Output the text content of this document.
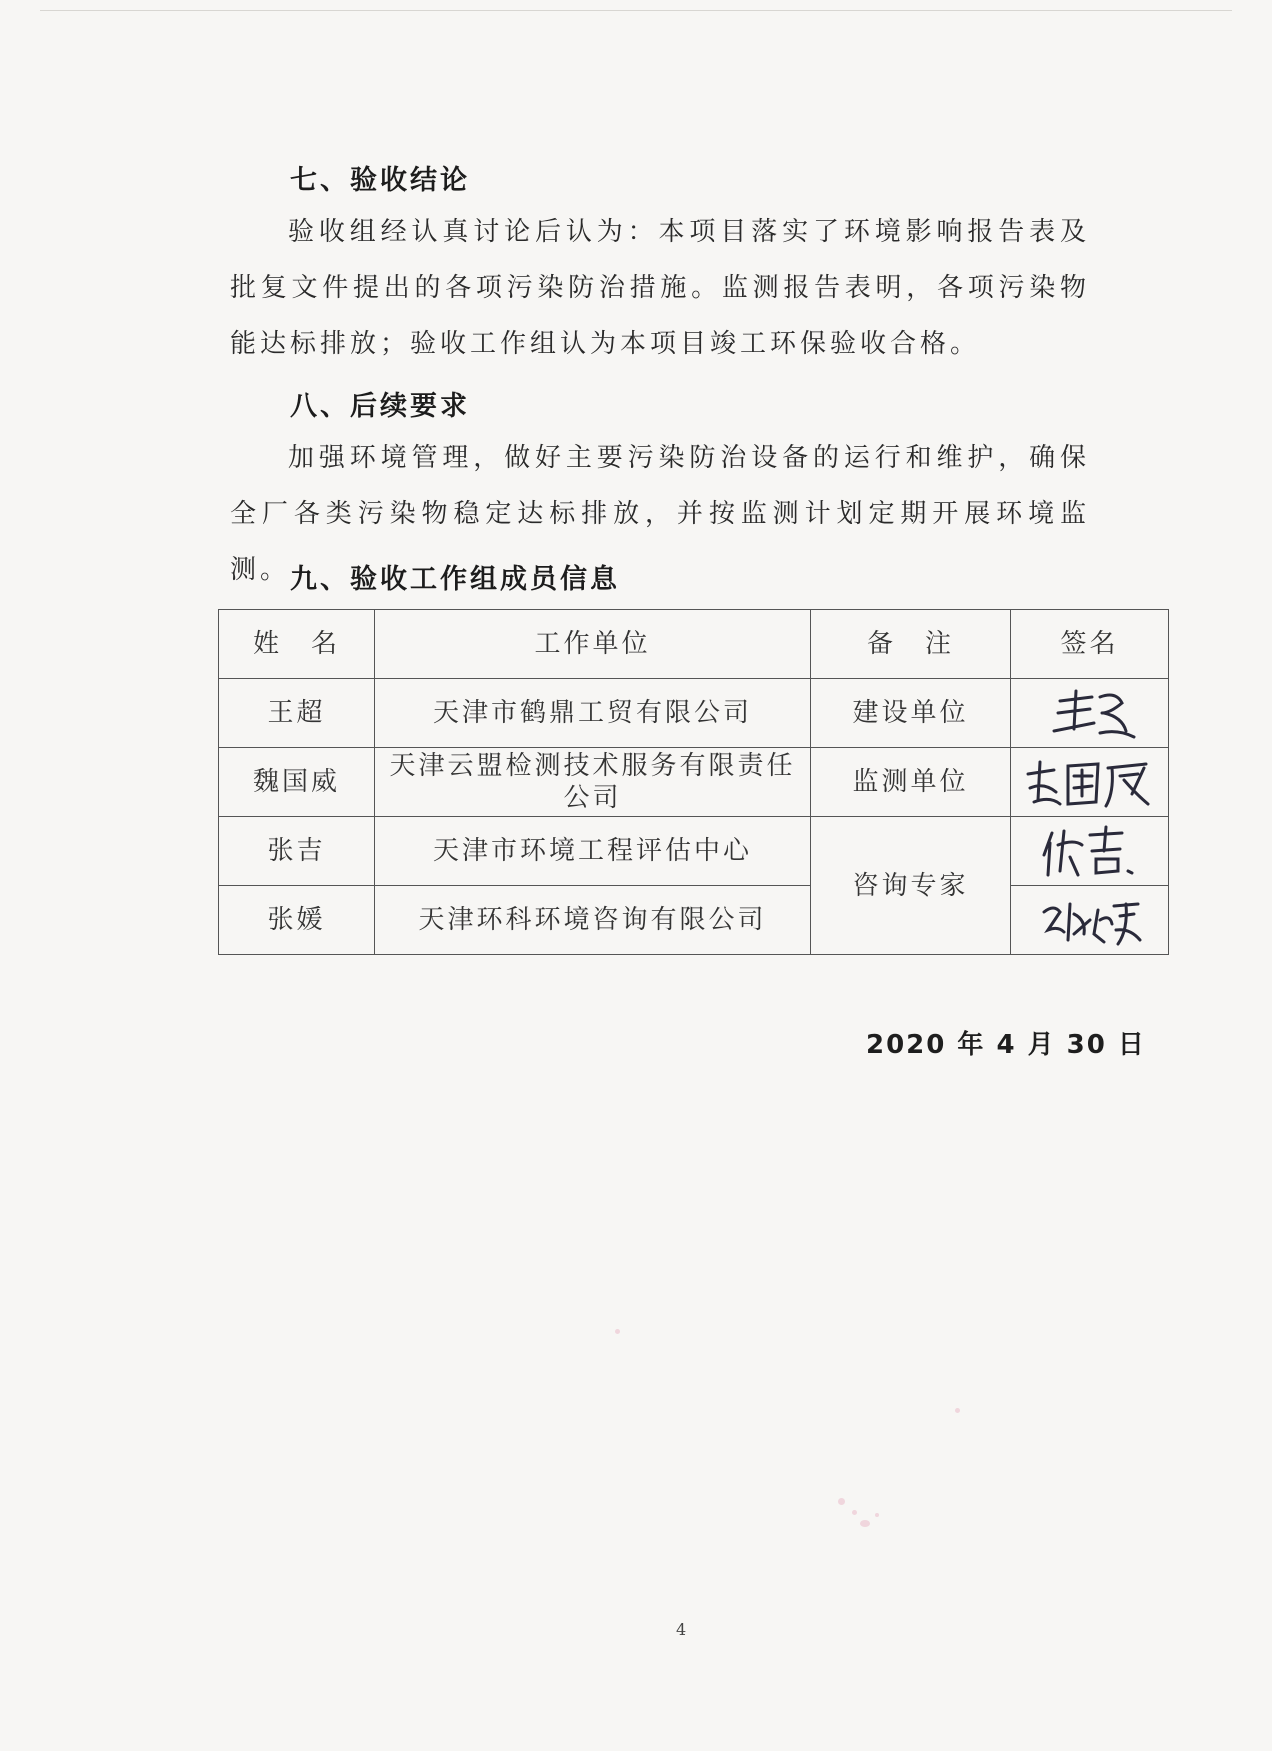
七、验收结论

验收组经认真讨论后认为：本项目落实了环境影响报告表及批复文件提出的各项污染防治措施。监测报告表明，各项污染物能达标排放；验收工作组认为本项目竣工环保验收合格。

八、后续要求

加强环境管理，做好主要污染防治设备的运行和维护，确保全厂各类污染物稳定达标排放，并按监测计划定期开展环境监测。 九、验收工作组成员信息
姓　名	工作单位	备　注	签名
王超	天津市鹤鼎工贸有限公司	建设单位	

魏国威	天津云盟检测技术服务有限责任公司	监测单位	

张吉	天津市环境工程评估中心	咨询专家	

张媛	天津环科环境咨询有限公司	
2020 年 4 月 30 日
4
